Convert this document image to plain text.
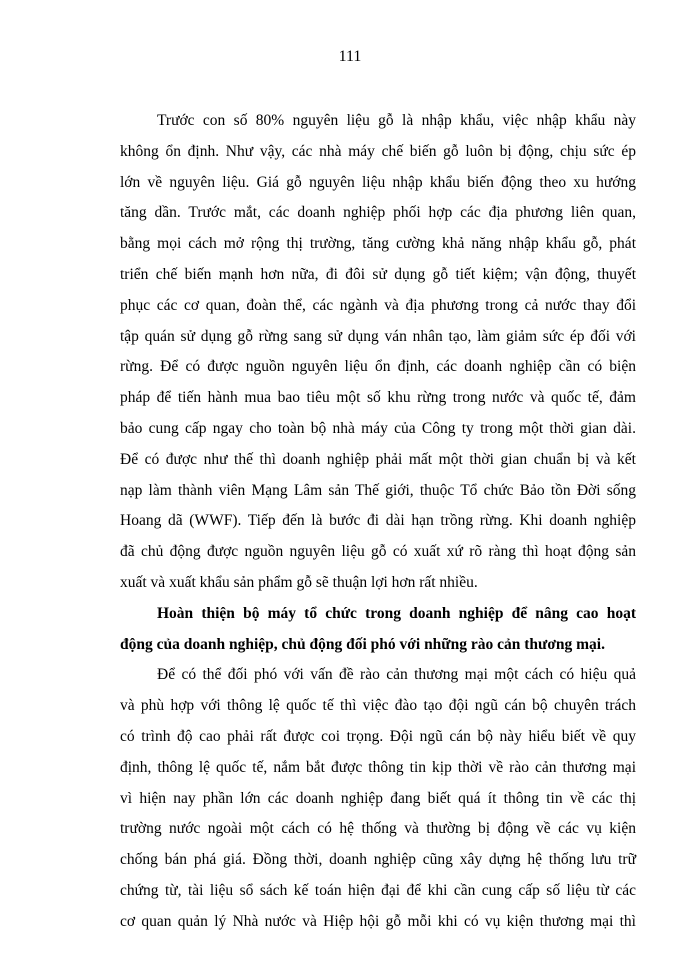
111
Trước con số 80% nguyên liệu gỗ là nhập khẩu, việc nhập khẩu này
không ổn định. Như vậy, các nhà máy chế biến gỗ luôn bị động, chịu sức ép
lớn về nguyên liệu. Giá gỗ nguyên liệu nhập khẩu biến động theo xu hướng
tăng dần. Trước mắt, các doanh nghiệp phối hợp các địa phương liên quan,
bằng mọi cách mở rộng thị trường, tăng cường khả năng nhập khẩu gỗ, phát
triển chế biến mạnh hơn nữa, đi đôi sử dụng gỗ tiết kiệm; vận động, thuyết
phục các cơ quan, đoàn thể, các ngành và địa phương trong cả nước thay đổi
tập quán sử dụng gỗ rừng sang sử dụng ván nhân tạo, làm giảm sức ép đối với
rừng. Để có được nguồn nguyên liệu ổn định, các doanh nghiệp cần có biện
pháp để tiến hành mua bao tiêu một số khu rừng trong nước và quốc tế, đảm
bảo cung cấp ngay cho toàn bộ nhà máy của Công ty trong một thời gian dài.
Để có được như thế thì doanh nghiệp phải mất một thời gian chuẩn bị và kết
nạp làm thành viên Mạng Lâm sản Thế giới, thuộc Tổ chức Bảo tồn Đời sống
Hoang dã (WWF). Tiếp đến là bước đi dài hạn trồng rừng. Khi doanh nghiệp
đã chủ động được nguồn nguyên liệu gỗ có xuất xứ rõ ràng thì hoạt động sản
xuất và xuất khẩu sản phẩm gỗ sẽ thuận lợi hơn rất nhiều.
Hoàn thiện bộ máy tổ chức trong doanh nghiệp để nâng cao hoạt
động của doanh nghiệp, chủ động đối phó với những rào cản thương mại.
Để có thể đối phó với vấn đề rào cản thương mại một cách có hiệu quả
và phù hợp với thông lệ quốc tế thì việc đào tạo đội ngũ cán bộ chuyên trách
có trình độ cao phải rất được coi trọng. Đội ngũ cán bộ này hiểu biết về quy
định, thông lệ quốc tế, nắm bắt được thông tin kịp thời về rào cản thương mại
vì hiện nay phần lớn các doanh nghiệp đang biết quá ít thông tin về các thị
trường nước ngoài một cách có hệ thống và thường bị động về các vụ kiện
chống bán phá giá. Đồng thời, doanh nghiệp cũng xây dựng hệ thống lưu trữ
chứng từ, tài liệu sổ sách kế toán hiện đại để khi cần cung cấp số liệu từ các
cơ quan quản lý Nhà nước và Hiệp hội gỗ mỗi khi có vụ kiện thương mại thì
